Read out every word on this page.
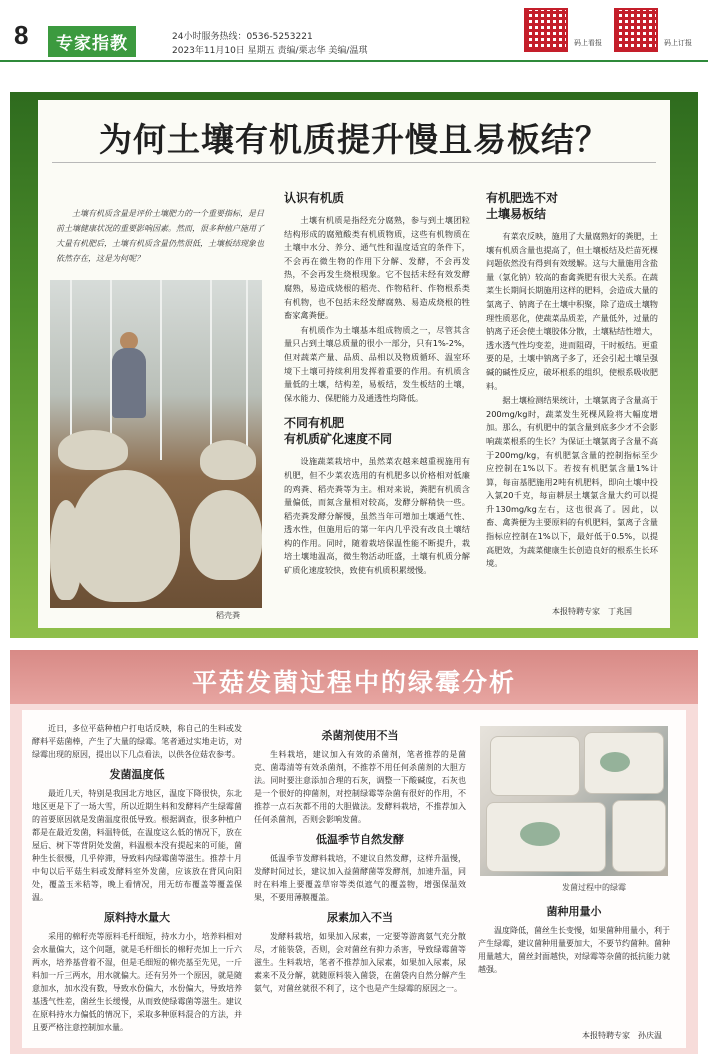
8	专家指教	24小时服务热线：0536-5253221
2023年11月10日 星期五 责编/栗志华 美编/温琪
码上看报	码上订报
为何土壤有机质提升慢且易板结？
土壤有机质含量是评价土壤肥力的一个重要指标，是目前土壤健康状况的重要影响因素。然而，很多种植户施用了大量有机肥后，土壤有机质含量仍然很低，土壤板结现象也依然存在，这是为何呢？
稻壳粪
认识有机质

土壤有机质是指经充分腐熟，参与到土壤团粒结构形成的腐殖酸类有机质物质，这些有机物质在土壤中水分、养分、通气性和温度适宜的条件下，不会再在微生物的作用下分解、发酵，不会再发热，不会再发生烧根现象。它不包括未经有效发酵腐熟，易造成烧根的稻壳、作物秸秆、作物根系类有机物，也不包括未经发酵腐熟、易造成烧根的牲畜家禽粪便。

有机质作为土壤基本组成物质之一，尽管其含量只占到土壤总质量的很小一部分，只有1%-2%，但对蔬菜产量、品质、品相以及物质循环、温室环境下土壤可持续利用发挥着重要的作用。有机质含量低的土壤，结构差，易板结，发生板结的土壤，保水能力、保肥能力及通透性均降低。

不同有机肥
有机质矿化速度不同

设施蔬菜栽培中，虽然菜农越来越重视施用有机肥，但不少菜农选用的有机肥多以价格相对低廉的鸡粪、稻壳粪等为主。相对来说，粪肥有机质含量偏低，而氮含量相对较高，发酵分解稍快一些。稻壳粪发酵分解慢，虽然当年可增加土壤通气性、透水性，但施用后的第一年内几乎没有改良土壤结构的作用。同时，随着栽培保温性能不断提升，栽培土壤地温高，微生物活动旺盛，土壤有机质分解矿质化速度较快，致使有机质积累缓慢。

有机肥选不对
土壤易板结

有菜农反映，施用了大量腐熟好的粪肥，土壤有机质含量也提高了，但土壤板结及烂苗死棵问题依然没有得到有效缓解。这与大量施用含盐量（氯化钠）较高的畜禽粪肥有很大关系。在蔬菜生长期间长期施用这样的肥料，会造成大量的氯离子、钠离子在土壤中积聚，除了造成土壤物理性质恶化，使蔬菜品质差，产量低外，过量的钠离子还会使土壤胶体分散，土壤粘结性增大，透水透气性均变差，进而阻碍，干时板结。更重要的是，土壤中钠离子多了，还会引起土壤呈强碱的碱性反应，破坏根系的组织，使根系吸收肥料。

据土壤检测结果统计，土壤氯离子含量高于200mg/kg时，蔬菜发生死棵风险将大幅度增加。那么，有机肥中的氯含量到底多少才不会影响蔬菜根系的生长？为保证土壤氯离子含量不高于200mg/kg，有机肥氯含量的控制指标至少应控制在1%以下。若按有机肥氯含量1%计算，每亩基肥施用2吨有机肥料，即向土壤中投入氯20千克，每亩耕层土壤氯含量大约可以提升130mg/kg左右，这也很高了。因此，以畜、禽粪便为主要原料的有机肥料，氯离子含量指标应控制在1%以下，最好低于0.5%，以提高肥效，为蔬菜健康生长创造良好的根系生长环境。

本报特聘专家　丁兆国
平菇发菌过程中的绿霉分析

近日，多位平菇种植户打电话反映，称自己的生料或发酵料平菇菌棒，产生了大量的绿霉。笔者通过实地走访，对绿霉出现的原因，提出以下几点看法，以供各位菇农参考。

发菌温度低

最近几天，特别是我国北方地区，温度下降很快，东北地区更是下了一场大雪，所以近期生料和发酵料产生绿霉菌的首要原因就是发菌温度很低导致。根据调查，很多种植户都是在最近发菌，料温特低，在温度这么低的情况下，放在屋后、树下等背阴处发菌，料温根本没有提起来的可能，菌种生长很慢，几乎停滞，导致料内绿霉菌等滋生。推荐十月中旬以后平菇生料或发酵料室外发菌，应该放在背风向阳处，覆盖玉米秸等，晚上看情况，用无纺布覆盖等覆盖保温。

原料持水量大

采用的棉籽壳等原料毛杆细短，持水力小，培养料相对会水量偏大，这个问题，就是毛杆细长的棉籽壳加上一斤六两水，培养基营着不湿，但是毛细短的棉壳基至先见，一斤料加一斤三两水，用水就偏大。还有另外一个原因，就是随意加水，加水没有数，导致水份偏大，水份偏大，导致培养基透气性差，菌丝生长缓慢，从而致使绿霉菌等滋生。建议在原料持水力偏低的情况下，采取多种原料混合的方法，并且要严格注意控制加水量。

杀菌剂使用不当

生料栽培，建议加入有效的杀菌剂，笔者推荐的是菌克、菌毒清等有效杀菌剂，不推荐不用任何杀菌剂的大胆方法。同时要注意添加合理的石灰，调整一下酸碱度，石灰也是一个很好的抑菌剂，对控制绿霉等杂菌有很好的作用，不推荐一点石灰都不用的大胆做法。发酵料栽培，不推荐加入任何杀菌剂，否则会影响发菌。

低温季节自然发酵

低温季节发酵料栽培，不建议自然发酵，这样升温慢，发酵时间过长，建议加入益菌酵菌等发酵剂，加速升温，同时在料堆上要覆盖草帘等类似遮气的覆盖物，增强保温效果，不要用薄膜覆盖。

尿素加入不当

发酵料栽培，如果加入尿素，一定要等游离氨气充分散尽，才能装袋，否则，会对菌丝有抑力杀害，导致绿霉菌等滋生。生料栽培，笔者不推荐加入尿素，如果加入尿素，尿素来不及分解，就随原料装入菌袋，在菌袋内自然分解产生氨气，对菌丝就很不利了，这个也是产生绿霉的原因之一。

发菌过程中的绿霉
菌种用量小

温度降低，菌丝生长变慢，如果菌种用量小，利于产生绿霉，建议菌种用量要加大，不要节约菌种。菌种用量越大，菌丝封面越快，对绿霉等杂菌的抵抗能力就越强。

本报特聘专家　孙庆温
